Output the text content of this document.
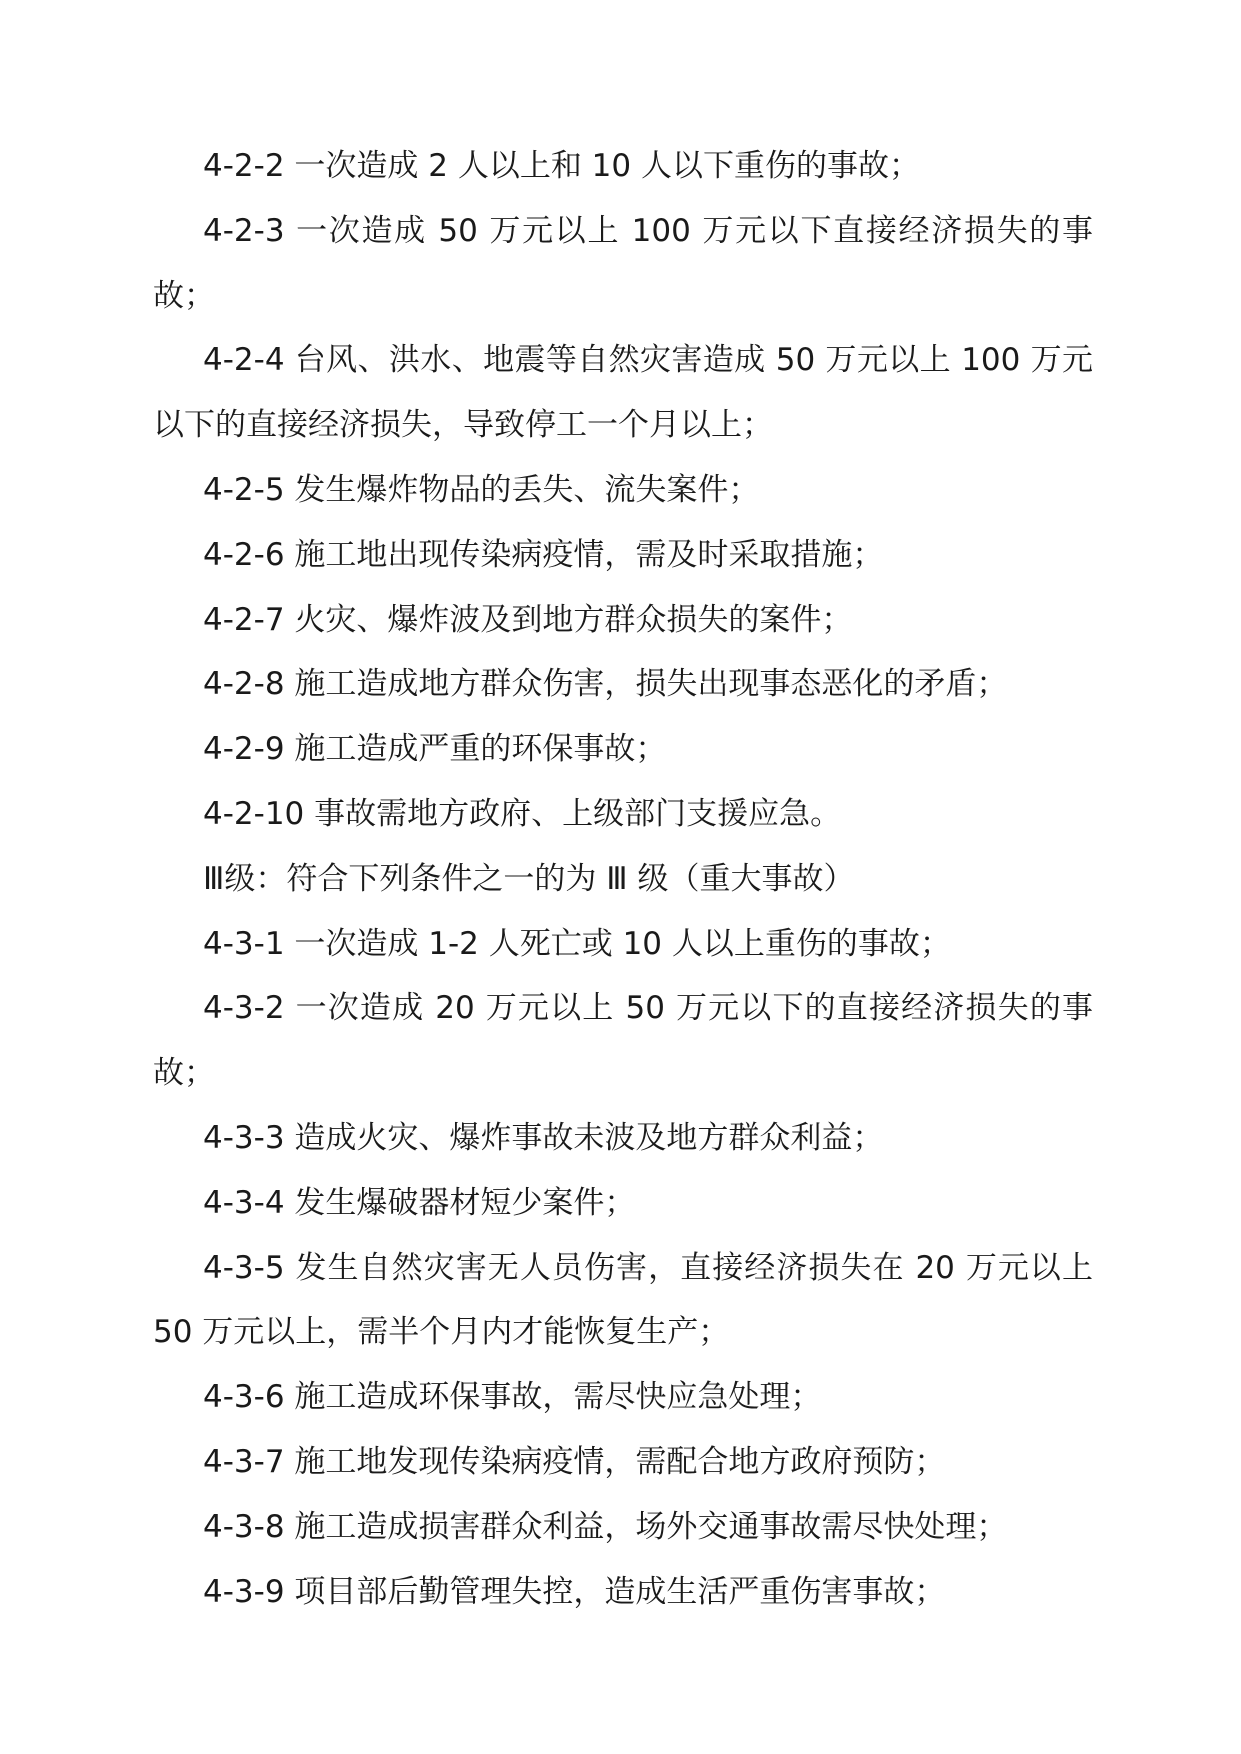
4-2-2 一次造成 2 人以上和 10 人以下重伤的事故；

4-2-3 一次造成 50 万元以上 100 万元以下直接经济损失的事故；

4-2-4 台风、洪水、地震等自然灾害造成 50 万元以上 100 万元以下的直接经济损失，导致停工一个月以上；

4-2-5 发生爆炸物品的丢失、流失案件；

4-2-6 施工地出现传染病疫情，需及时采取措施；

4-2-7 火灾、爆炸波及到地方群众损失的案件；

4-2-8 施工造成地方群众伤害，损失出现事态恶化的矛盾；

4-2-9 施工造成严重的环保事故；

4-2-10 事故需地方政府、上级部门支援应急。

Ⅲ级：符合下列条件之一的为 Ⅲ 级（重大事故）

4-3-1 一次造成 1-2 人死亡或 10 人以上重伤的事故；

4-3-2 一次造成 20 万元以上 50 万元以下的直接经济损失的事故；

4-3-3 造成火灾、爆炸事故未波及地方群众利益；

4-3-4 发生爆破器材短少案件；

4-3-5 发生自然灾害无人员伤害，直接经济损失在 20 万元以上 50 万元以上，需半个月内才能恢复生产；

4-3-6 施工造成环保事故，需尽快应急处理；

4-3-7 施工地发现传染病疫情，需配合地方政府预防；

4-3-8 施工造成损害群众利益，场外交通事故需尽快处理；

4-3-9 项目部后勤管理失控，造成生活严重伤害事故；
